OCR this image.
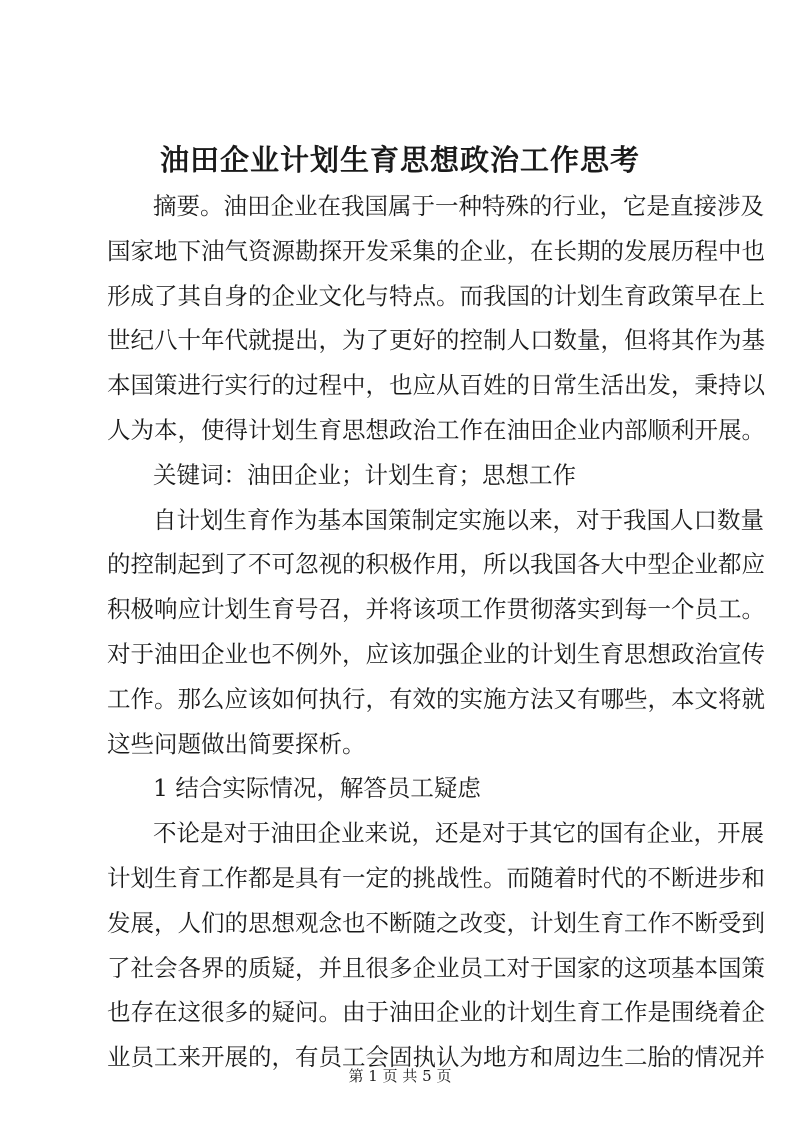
油田企业计划生育思想政治工作思考
摘要。油田企业在我国属于一种特殊的行业，它是直接涉及
国家地下油气资源勘探开发采集的企业，在长期的发展历程中也
形成了其自身的企业文化与特点。而我国的计划生育政策早在上
世纪八十年代就提出，为了更好的控制人口数量，但将其作为基
本国策进行实行的过程中，也应从百姓的日常生活出发，秉持以
人为本，使得计划生育思想政治工作在油田企业内部顺利开展。
关键词：油田企业；计划生育；思想工作
自计划生育作为基本国策制定实施以来，对于我国人口数量
的控制起到了不可忽视的积极作用，所以我国各大中型企业都应
积极响应计划生育号召，并将该项工作贯彻落实到每一个员工。
对于油田企业也不例外，应该加强企业的计划生育思想政治宣传
工作。那么应该如何执行，有效的实施方法又有哪些，本文将就
这些问题做出简要探析。
1 结合实际情况，解答员工疑虑
不论是对于油田企业来说，还是对于其它的国有企业，开展
计划生育工作都是具有一定的挑战性。而随着时代的不断进步和
发展，人们的思想观念也不断随之改变，计划生育工作不断受到
了社会各界的质疑，并且很多企业员工对于国家的这项基本国策
也存在这很多的疑问。由于油田企业的计划生育工作是围绕着企
业员工来开展的，有员工会固执认为地方和周边生二胎的情况并
第 1 页 共 5 页
